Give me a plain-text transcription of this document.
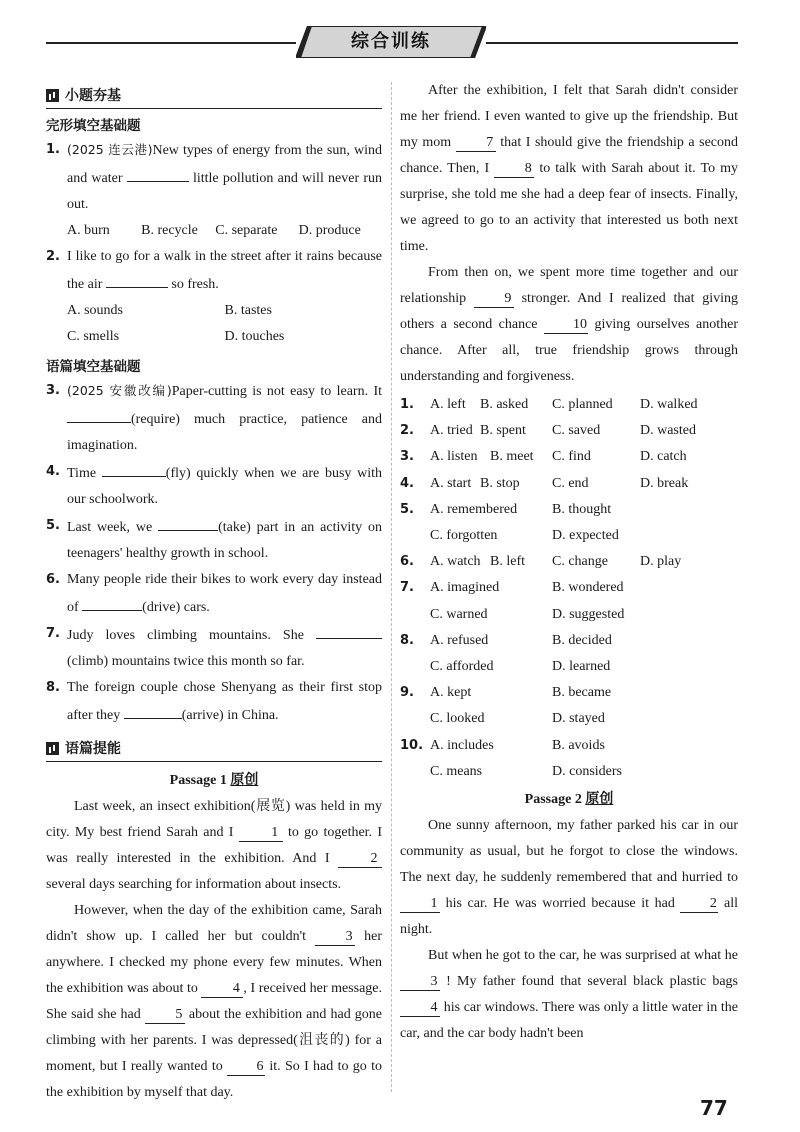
综合训练
小题夯基
完形填空基础题
1. (2025 连云港)New types of energy from the sun, wind and water	little pollution and will never run out.
A. burn	B. recycle	C. separate	D. produce
2. I like to go for a walk in the street after it rains because the air	so fresh.
A. sounds	B. tastes
C. smells	D. touches
语篇填空基础题
3. (2025 安徽改编)Paper-cutting is not easy to learn. It (require) much practice, patience and imagination.
4. Time	(fly) quickly when we are busy with our schoolwork.
5. Last week, we	(take) part in an activity on teenagers' healthy growth in school.
6. Many people ride their bikes to work every day instead of	(drive) cars.
7. Judy loves climbing mountains. She  (climb) mountains twice this month so far.
8. The foreign couple chose Shenyang as their first stop after they	(arrive) in China.
语篇提能
Passage 1 原创
Last week, an insect exhibition(展览) was held in my city. My best friend Sarah and I	1 to go together. I was really interested in the exhibition. And I	2 several days searching for information about insects.
However, when the day of the exhibition came, Sarah didn't show up. I called her but couldn't	3 her anywhere. I checked my phone every few minutes. When the exhibition was about to	4 , I received her message. She said she had 5 about the exhibition and had gone climbing with her parents. I was depressed(沮丧的) for a moment, but I really wanted to 6 it. So I had to go to the exhibition by myself that day.
After the exhibition, I felt that Sarah didn't consider me her friend. I even wanted to give up the friendship. But my mom	7 that I should give the friendship a second chance. Then, I	8 to talk with Sarah about it. To my surprise, she told me she had a deep fear of insects. Finally, we agreed to go to an activity that interested us both next time.
From then on, we spent more time together and our relationship	9 stronger. And I realized that giving others a second chance	10 giving ourselves another chance. After all, true friendship grows through understanding and forgiveness.
1.	A. left	B. asked	C. planned	D. walked
2.	A. tried B. spent	C. saved	D. wasted
3.	A. listen B. meet	C. find	D. catch
4.	A. start B. stop	C. end	D. break
5.	A. remembered	B. thought
C. forgotten	D. expected
6.	A. watch B. left	C. change	D. play
7.	A. imagined	B. wondered
C. warned	D. suggested
8.	A. refused	B. decided
C. afforded	D. learned
9.	A. kept	B. became
C. looked	D. stayed
10. A. includes	B. avoids
C. means	D. considers
Passage 2 原创
One sunny afternoon, my father parked his car in our community as usual, but he forgot to close the windows. The next day, he suddenly remembered that and hurried to 1 his car. He was worried because it had	2 all night.
But when he got to the car, he was surprised at what he 3 ! My father found that several black plastic bags 4 his car windows. There was only a little water in the car, and the car body hadn't been
77
